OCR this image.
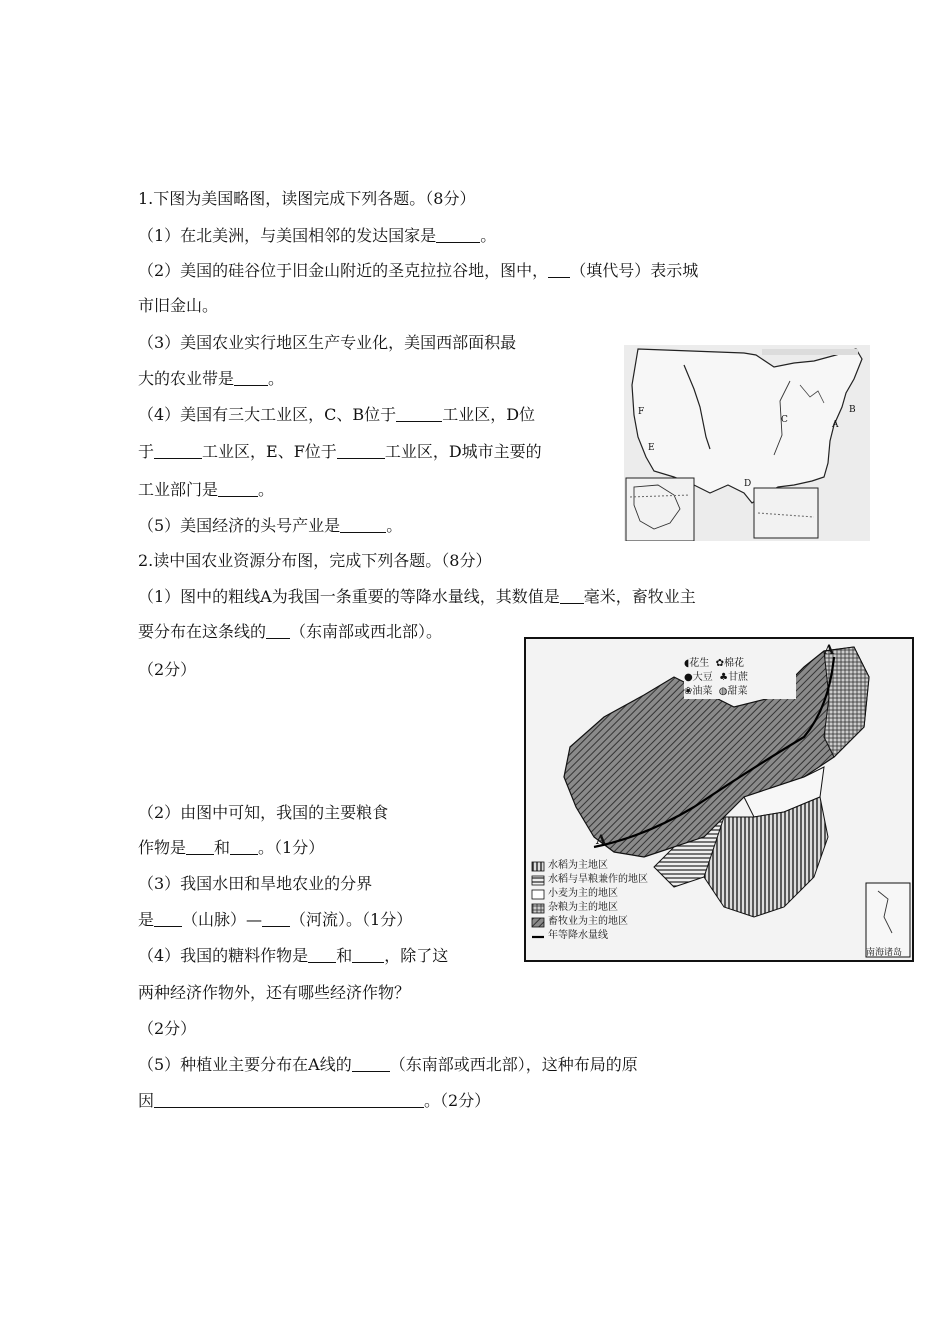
1.下图为美国略图，读图完成下列各题。（8分）
（1）在北美洲，与美国相邻的发达国家是	。
（2）美国的硅谷位于旧金山附近的圣克拉拉谷地，图中， （填代号）表示城
市旧金山。
（3）美国农业实行地区生产专业化，美国西部面积最
大的农业带是 。
（4）美国有三大工业区，C、B位于	工业区，D位
于	工业区，E、F位于	工业区，D城市主要的
工业部门是	。
（5）美国经济的头号产业是	。
A
B
C
D
E
F
2.读中国农业资源分布图，完成下列各题。（8分）
（1）图中的粗线A为我国一条重要的等降水量线，其数值是 毫米，畜牧业主
要分布在这条线的 （东南部或西北部）。
（2分）
（2）由图中可知，我国的主要粮食
作物是 和 。（1分）
（3）我国水田和旱地农业的分界
是 （山脉）— （河流）。（1分）
（4）我国的糖料作物是 和 ，除了这
两种经济作物外，还有哪些经济作物？
（2分）
（5）种植业主要分布在A线的 （东南部或西北部），这种布局的原
因	。（2分）
◖花生 ✿棉花
●大豆 ♣甘蔗
❀油菜 ◍甜菜
水稻为主地区
水稻与旱粮兼作的地区
小麦为主的地区
杂粮为主的地区
畜牧业为主的地区
年等降水量线
A
A
南海诸岛
